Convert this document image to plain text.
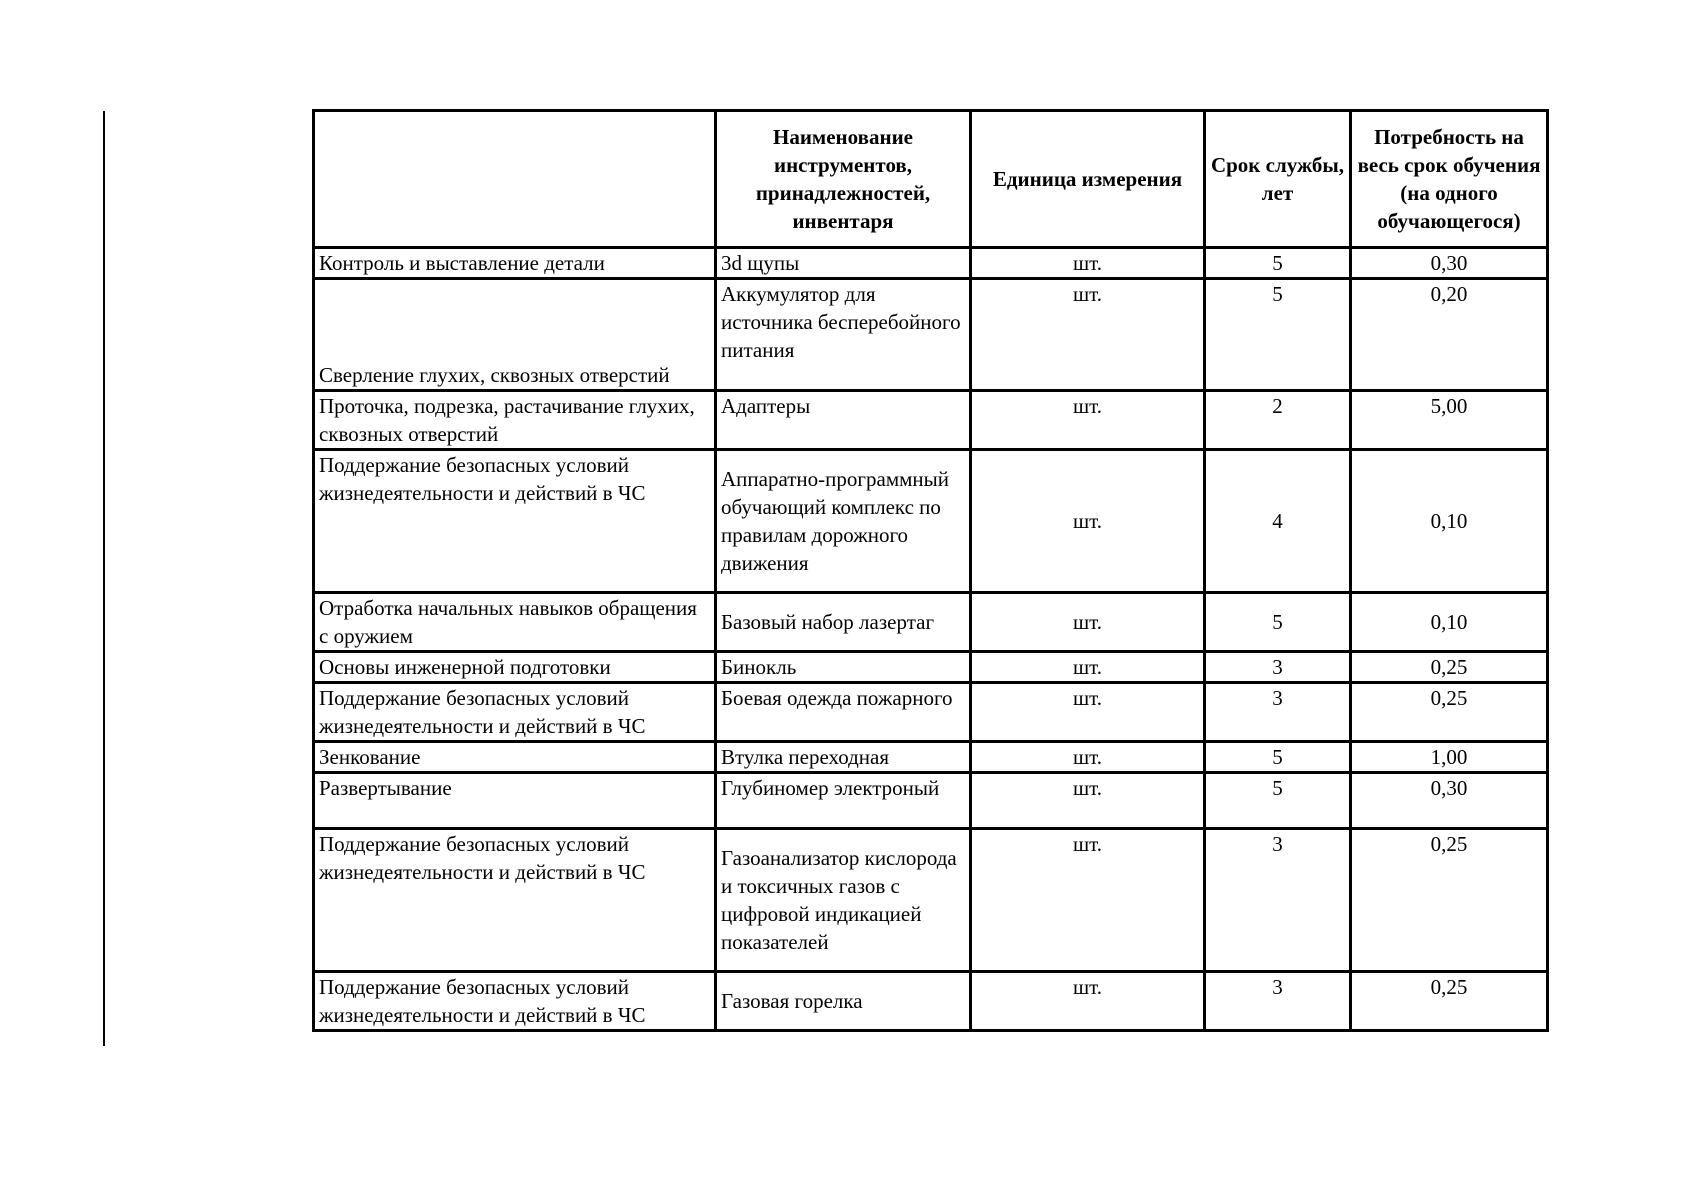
	Наименование инструментов, принадлежностей, инвентаря	Единица измерения	Срок службы, лет	Потребность на весь срок обучения (на одного обучающегося)
Контроль и выставление детали	3d щупы	шт.	5	0,30
Сверление глухих, сквозных отверстий	Аккумулятор для источника бесперебойного питания	шт.	5	0,20
Проточка, подрезка, растачивание глухих, сквозных отверстий	Адаптеры	шт.	2	5,00
Поддержание безопасных условий жизнедеятельности и действий в ЧС	Аппаратно-программный обучающий комплекс по правилам дорожного движения	шт.	4	0,10
Отработка начальных навыков обращения с оружием	Базовый набор лазертаг	шт.	5	0,10
Основы инженерной подготовки	Бинокль	шт.	3	0,25
Поддержание безопасных условий жизнедеятельности и действий в ЧС	Боевая одежда пожарного	шт.	3	0,25
Зенкование	Втулка переходная	шт.	5	1,00
Развертывание	Глубиномер электроный	шт.	5	0,30
Поддержание безопасных условий жизнедеятельности и действий в ЧС	Газоанализатор кислорода и токсичных газов с цифровой индикацией показателей	шт.	3	0,25
Поддержание безопасных условий жизнедеятельности и действий в ЧС	Газовая горелка	шт.	3	0,25
